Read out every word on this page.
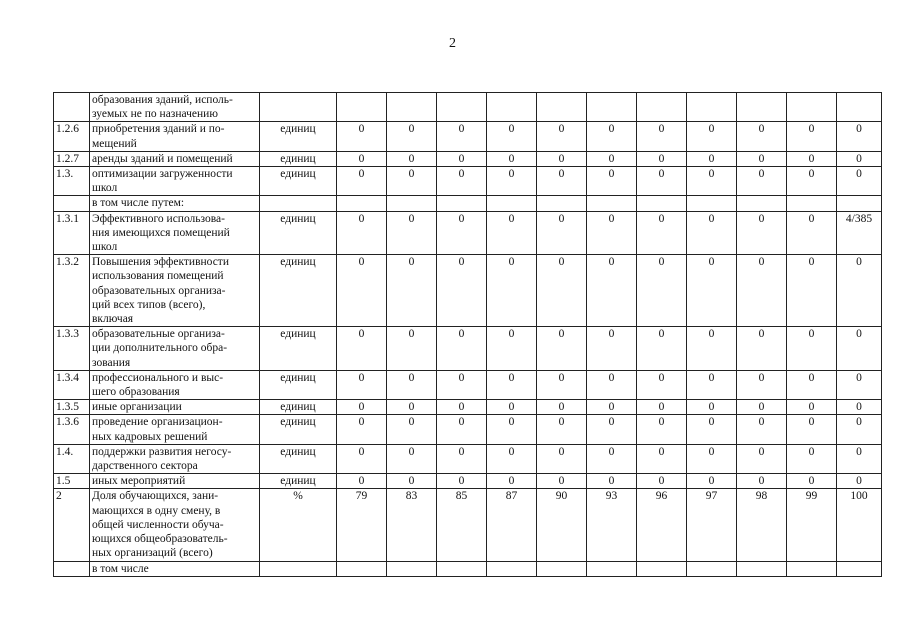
2

	образования зданий, исполь-
зуемых не по назначению												

1.2.6	приобретения зданий и по-
мещений	единиц	0	0	0	0	0	0	0	0	0	0	0
1.2.7	аренды зданий и помещений	единиц	0	0	0	0	0	0	0	0	0	0	0
1.3.	оптимизации загруженности
школ	единиц	0	0	0	0	0	0	0	0	0	0	0

	в том числе путем:												

1.3.1	Эффективного использова-
ния имеющихся помещений
школ	единиц	0	0	0	0	0	0	0	0	0	0	4/385
1.3.2	Повышения эффективности
использования помещений
образовательных организа-
ций всех типов (всего),
включая	единиц	0	0	0	0	0	0	0	0	0	0	0
1.3.3	образовательные организа-
ции дополнительного обра-
зования	единиц	0	0	0	0	0	0	0	0	0	0	0
1.3.4	профессионального и выс-
шего образования	единиц	0	0	0	0	0	0	0	0	0	0	0
1.3.5	иные организации	единиц	0	0	0	0	0	0	0	0	0	0	0
1.3.6	проведение организацион-
ных кадровых решений	единиц	0	0	0	0	0	0	0	0	0	0	0
1.4.	поддержки развития негосу-
дарственного сектора	единиц	0	0	0	0	0	0	0	0	0	0	0
1.5	иных мероприятий	единиц	0	0	0	0	0	0	0	0	0	0	0
2	Доля обучающихся, зани-
мающихся в одну смену, в
общей численности обуча-
ющихся общеобразователь-
ных организаций (всего)	%	79	83	85	87	90	93	96	97	98	99	100

	в том числе												
